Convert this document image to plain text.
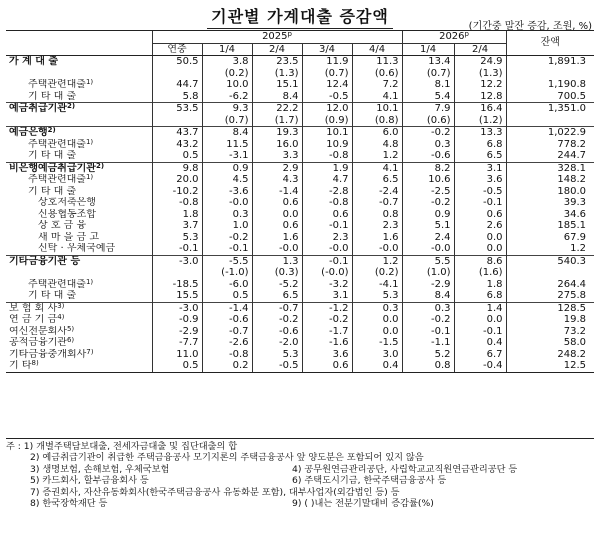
기관별 가계대출 증감액
(기간중 말잔 증감, 조원, %)
	2025$^p$					2026$^p$		잔액
	연중	1/4	2/4	3/4	4/4	1/4	2/4	
가 계 대 출	50.5	3.8	23.5	11.9	11.3	13.4	24.9	1,891.3
		(0.2)	(1.3)	(0.7)	(0.6)	(0.7)	(1.3)	
주택관련대출$^{1)}$	44.7	10.0	15.1	12.4	7.2	8.1	12.2	1,190.8
기 타 대 출	5.8	-6.2	8.4	-0.5	4.1	5.4	12.8	700.5
예금취급기관$^{2)}$	53.5	9.3	22.2	12.0	10.1	7.9	16.4	1,351.0
		(0.7)	(1.7)	(0.9)	(0.8)	(0.6)	(1.2)	
예금은행$^{2)}$	43.7	8.4	19.3	10.1	6.0	-0.2	13.3	1,022.9
주택관련대출$^{1)}$	43.2	11.5	16.0	10.9	4.8	0.3	6.8	778.2
기 타 대 출	0.5	-3.1	3.3	-0.8	1.2	-0.6	6.5	244.7
비은행예금취급기관$^{2)}$	9.8	0.9	2.9	1.9	4.1	8.2	3.1	328.1
주택관련대출$^{1)}$	20.0	4.5	4.3	4.7	6.5	10.6	3.6	148.2
기 타 대 출	-10.2	-3.6	-1.4	-2.8	-2.4	-2.5	-0.5	180.0
상호저축은행	-0.8	-0.0	0.6	-0.8	-0.7	-0.2	-0.1	39.3
신용협동조합	1.8	0.3	0.0	0.6	0.8	0.9	0.6	34.6
상 호 금 융	3.7	1.0	0.6	-0.1	2.3	5.1	2.6	185.1
새 마 을 금 고	5.3	-0.2	1.6	2.3	1.6	2.4	0.0	67.9
신탁 · 우체국예금	-0.1	-0.1	-0.0	-0.0	-0.0	-0.0	0.0	1.2
기타금융기관 등	-3.0	-5.5	1.3	-0.1	1.2	5.5	8.6	540.3
		(-1.0)	(0.3)	(-0.0)	(0.2)	(1.0)	(1.6)	
주택관련대출$^{1)}$	-18.5	-6.0	-5.2	-3.2	-4.1	-2.9	1.8	264.4
기 타 대 출	15.5	0.5	6.5	3.1	5.3	8.4	6.8	275.8
보 험 회 사$^{3)}$	-3.0	-1.4	-0.7	-1.2	0.3	0.3	1.4	128.5
연 금 기 금$^{4)}$	-0.9	-0.6	-0.2	-0.2	0.0	-0.2	0.0	19.8
여신전문회사$^{5)}$	-2.9	-0.7	-0.6	-1.7	0.0	-0.1	-0.1	73.2
공적금융기관$^{6)}$	-7.7	-2.6	-2.0	-1.6	-1.5	-1.1	0.4	58.0
기타금융중개회사$^{7)}$	11.0	-0.8	5.3	3.6	3.0	5.2	6.7	248.2
기 타$^{8)}$	0.5	0.2	-0.5	0.6	0.4	0.8	-0.4	12.5
주 : 1) 개별주택담보대출, 전세자금대출 및 집단대출의 합
2) 예금취급기관이 취급한 주택금융공사 모기지론의 주택금융공사 앞 양도분은 포함되어 있지 않음
3) 생명보험, 손해보험, 우체국보험	4) 공무원연금관리공단, 사립학교교직원연금관리공단 등
5) 카드회사, 할부금융회사 등	6) 주택도시기금, 한국주택금융공사 등
7) 증권회사, 자산유동화회사(한국주택금융공사 유동화분 포함), 대부사업자(외감법인 등) 등
8) 한국장학재단 등	9) ( )내는 전분기말대비 증감률(%)
